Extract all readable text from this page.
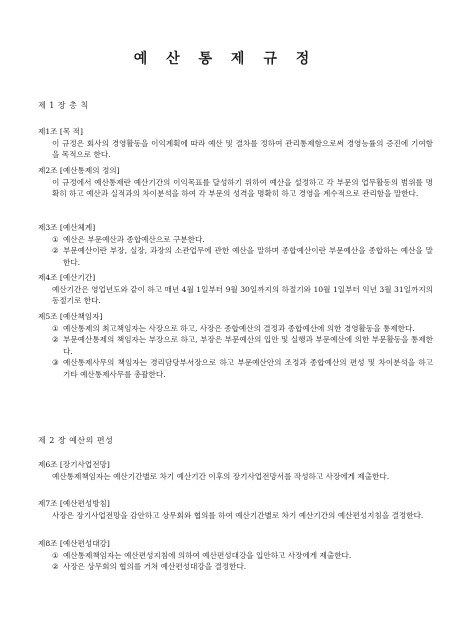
예 산 통 제 규 정
제 1 장 총 칙
제1조 [목 적]
이 규정은 회사의 경영활동을 이익계획에 따라 예산 및 결차를 정하여 관리통제함으로써 경영능률의 증진에 기여함을 목적으로 한다.
제2조 [예산통제의 정의]
이 규정에서 예산통제란 예산기간의 이익목표를 달성하기 위하여 예산을 설정하고 각 부문의 업무활동의 범위를 명확히 하고 예산과 실적과의 차이분석을 하여 각 부문의 성격을 명확히 하고 경영을 계수적으로 관리함을 말한다.
제3조 [예산체계]
① 예산은 부문예산과 종합예산으로 구분한다.
② 부문예산이란 부장, 실장, 과장의 소관업무에 관한 예산을 말하며 종합예산이란 부문예산을 종합하는 예산을 말한다.
제4조 [예산기간]
예산기간은 영업년도와 같이 하고 매년 4월 1일부터 9월 30일까지의 하절기와 10월 1일부터 익년 3월 31일까지의 동절기로 한다.
제5조 [예산책임자]
① 예산통제의 최고책임자는 사장으로 하고, 사장은 종합예산의 결정과 종합예산에 의한 경영활동을 통제한다.
② 부문예산통제의 책임자는 부장으로 하고, 부장은 부문예산의 입안 및 실행과 부문예산에 의한 부문활동을 통제한다.
③ 예산통제사무의 책임자는 경리담당부서장으로 하고 부문예산안의 조정과 종합예산의 편성 및 차이분석을 하고 기타 예산통제사무를 총괄한다.
제 2 장 예산의 편성
제6조 [장기사업전망]
예산통제책임자는 예산기간별로 차기 예산기간 이후의 장기사업전망서를 작성하고 사장에게 제출한다.
제7조 [예산편성방침]
사장은 장기사업전망을 감안하고 상무회와 협의를 하여 예산기간별로 차기 예산기간의 예산편성지침을 결정한다.
제8조 [예산편성대강]
① 예산통제책임자는 예산편성지침에 의하여 예산편성대강을 입안하고 사장에게 제출한다.
② 사장은 상무회의 협의를 거쳐 예산편성대강을 결정한다.
